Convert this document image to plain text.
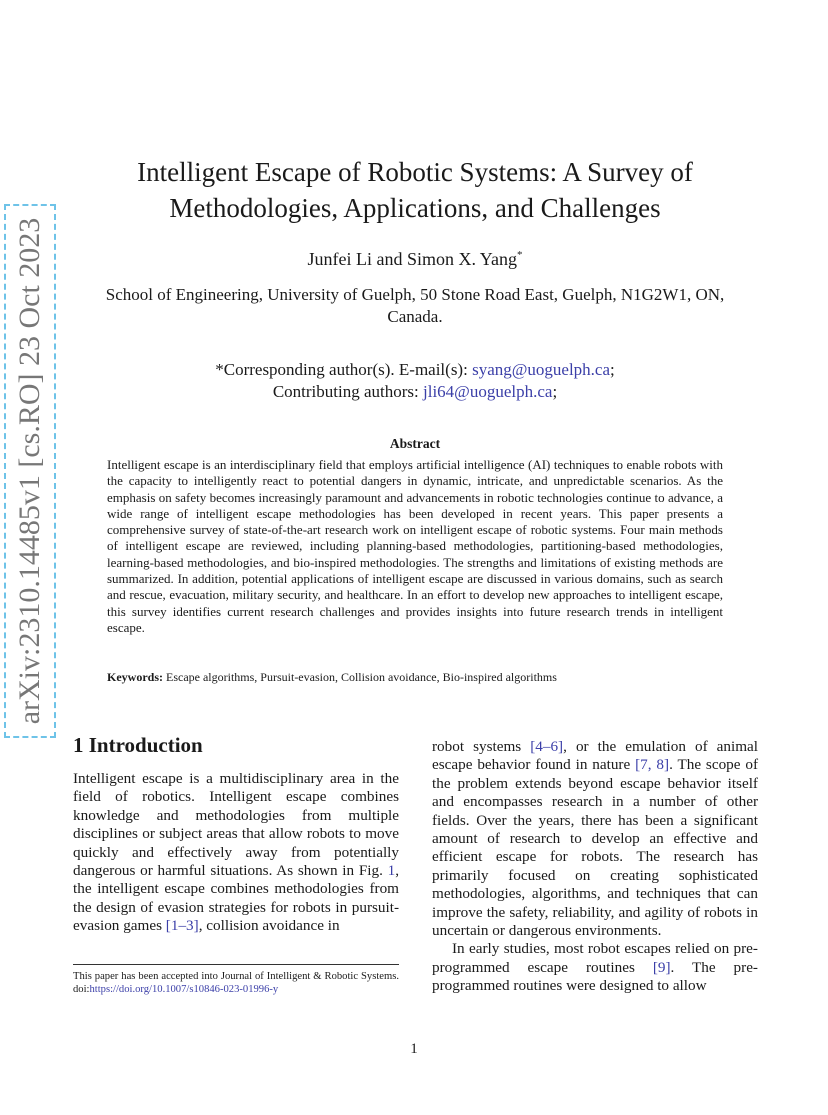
arXiv:2310.14485v1 [cs.RO] 23 Oct 2023
Intelligent Escape of Robotic Systems: A Survey of Methodologies, Applications, and Challenges
Junfei Li and Simon X. Yang*
School of Engineering, University of Guelph, 50 Stone Road East, Guelph, N1G2W1, ON, Canada.
*Corresponding author(s). E-mail(s): syang@uoguelph.ca;
Contributing authors: jli64@uoguelph.ca;
Abstract
Intelligent escape is an interdisciplinary field that employs artificial intelligence (AI) techniques to enable robots with the capacity to intelligently react to potential dangers in dynamic, intricate, and unpredictable scenarios. As the emphasis on safety becomes increasingly paramount and advancements in robotic technologies continue to advance, a wide range of intelligent escape methodologies has been developed in recent years. This paper presents a comprehensive survey of state-of-the-art research work on intelligent escape of robotic systems. Four main methods of intelligent escape are reviewed, including planning-based methodologies, partitioning-based methodologies, learning-based methodologies, and bio-inspired methodologies. The strengths and limitations of existing methods are summarized. In addition, potential applications of intelligent escape are discussed in various domains, such as search and rescue, evacuation, military security, and healthcare. In an effort to develop new approaches to intelligent escape, this survey identifies current research challenges and provides insights into future research trends in intelligent escape.
Keywords: Escape algorithms, Pursuit-evasion, Collision avoidance, Bio-inspired algorithms
1 Introduction
Intelligent escape is a multidisciplinary area in the field of robotics. Intelligent escape combines knowledge and methodologies from multiple disciplines or subject areas that allow robots to move quickly and effectively away from potentially dangerous or harmful situations. As shown in Fig. 1, the intelligent escape combines methodologies from the design of evasion strategies for robots in pursuit-evasion games [1–3], collision avoidance in

robot systems [4–6], or the emulation of animal escape behavior found in nature [7, 8]. The scope of the problem extends beyond escape behavior itself and encompasses research in a number of other fields. Over the years, there has been a significant amount of research to develop an effective and efficient escape for robots. The research has primarily focused on creating sophisticated methodologies, algorithms, and techniques that can improve the safety, reliability, and agility of robots in uncertain or dangerous environments.

In early studies, most robot escapes relied on pre-programmed escape routines [9]. The pre-programmed routines were designed to allow

This paper has been accepted into Journal of Intelligent & Robotic Systems. doi:https://doi.org/10.1007/s10846-023-01996-y
1
